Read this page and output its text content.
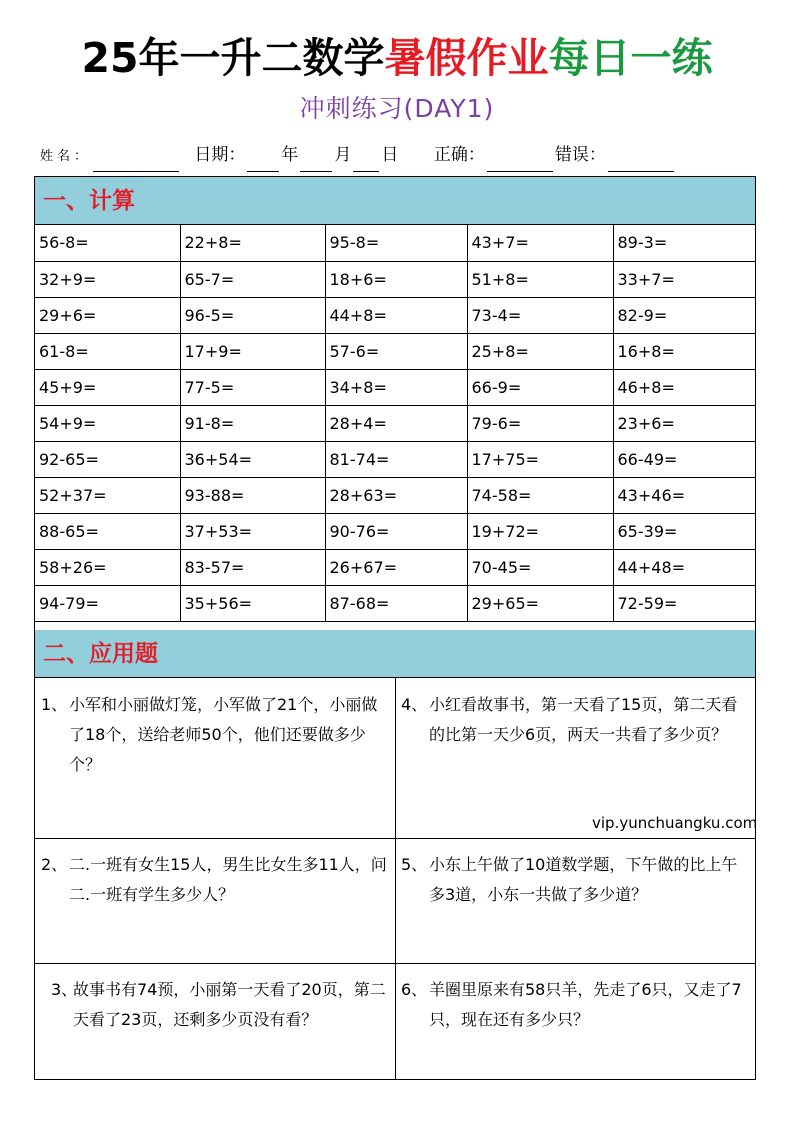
25年一升二数学暑假作业每日一练
冲刺练习(DAY1)
姓名：	日期： 年 月 日 正确：	错误：
一、计算
56-8=	22+8=	95-8=	43+7=	89-3=
32+9=	65-7=	18+6=	51+8=	33+7=
29+6=	96-5=	44+8=	73-4=	82-9=
61-8=	17+9=	57-6=	25+8=	16+8=
45+9=	77-5=	34+8=	66-9=	46+8=
54+9=	91-8=	28+4=	79-6=	23+6=
92-65=	36+54=	81-74=	17+75=	66-49=
52+37=	93-88=	28+63=	74-58=	43+46=
88-65=	37+53=	90-76=	19+72=	65-39=
58+26=	83-57=	26+67=	70-45=	44+48=
94-79=	35+56=	87-68=	29+65=	72-59=
二、应用题
1、 小军和小丽做灯笼，小军做了21个，小丽做了18个，送给老师50个，他们还要做多少个？
4、 小红看故事书，第一天看了15页，第二天看的比第一天少6页，两天一共看了多少页？
2、 二.一班有女生15人，男生比女生多11人，问二.一班有学生多少人？
5、 小东上午做了10道数学题，下午做的比上午多3道，小东一共做了多少道？
3、
故事书有74预，小丽第一天看了20页，第二天看了23页，还剩多少页没有看？
6、 羊圈里原来有58只羊，先走了6只，又走了7只，现在还有多少只？
vip.yunchuangku.com
